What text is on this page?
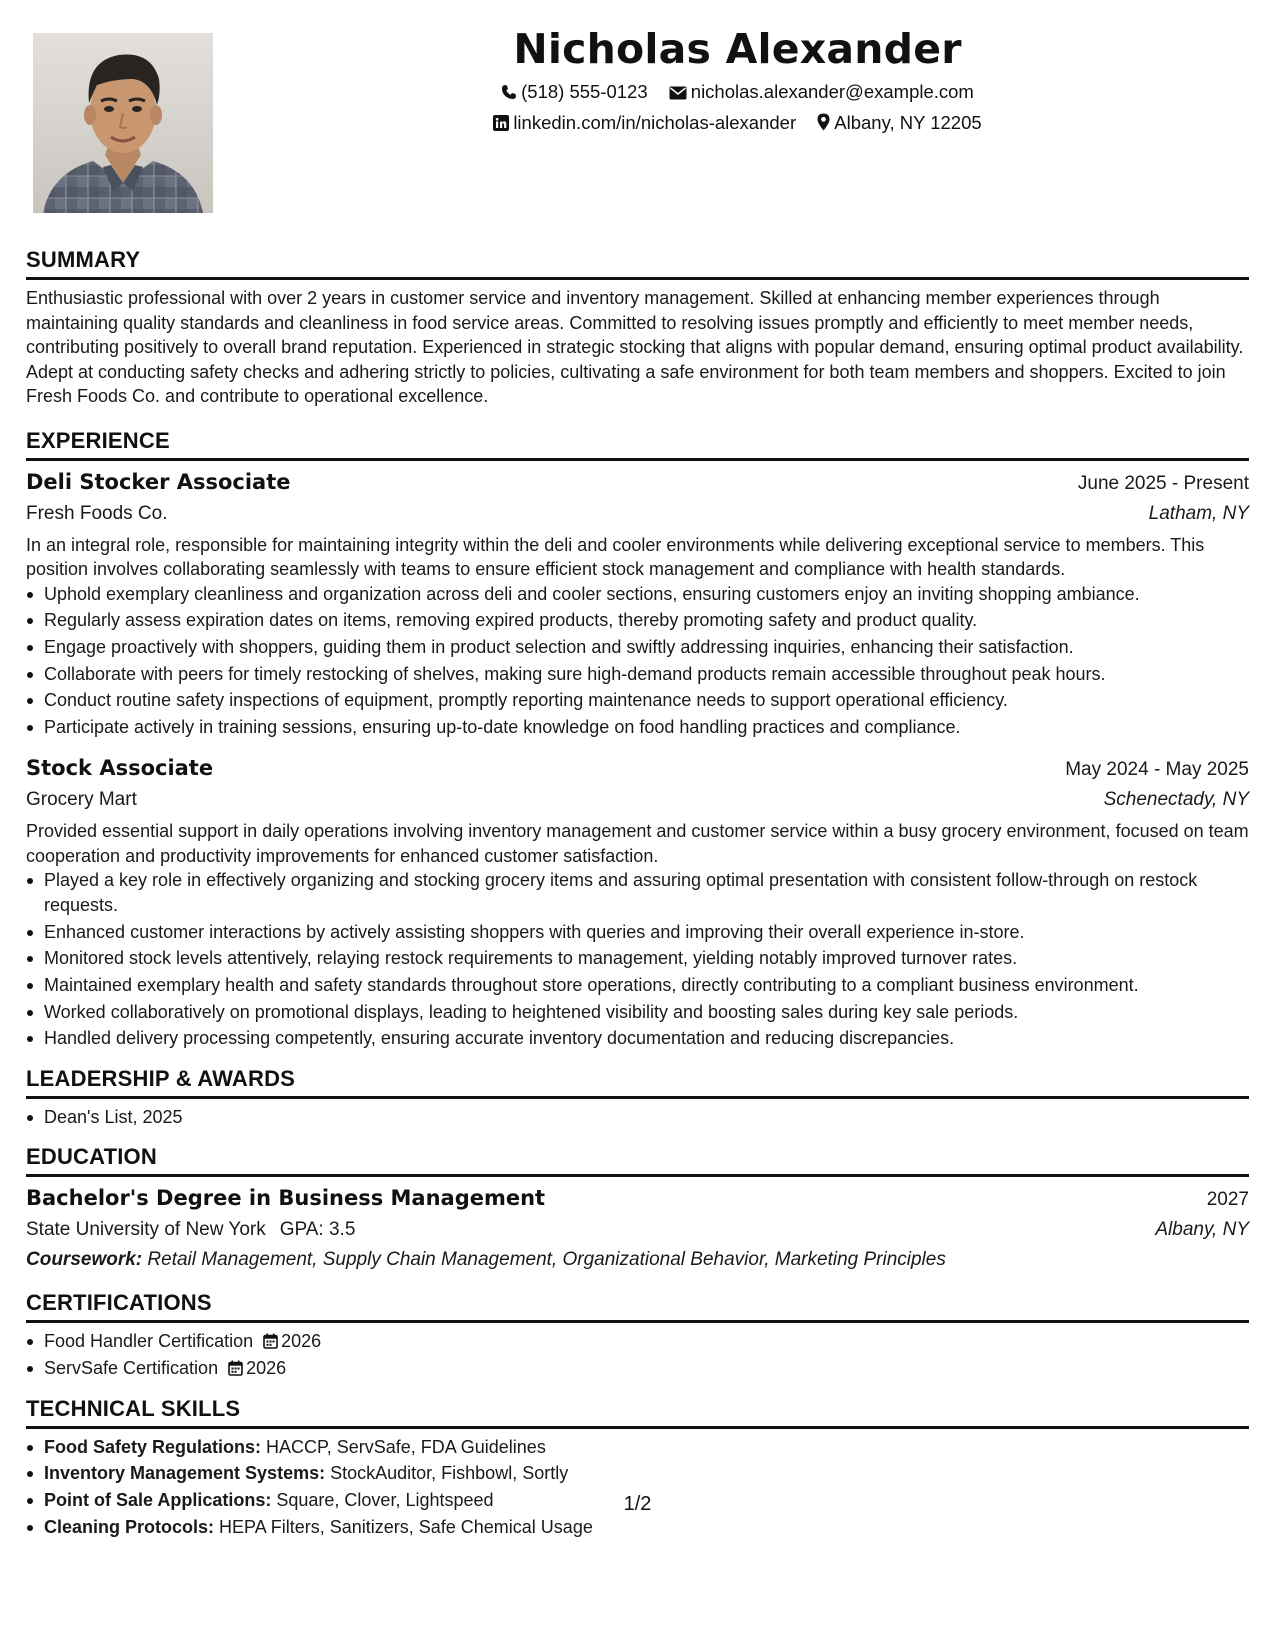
Nicholas Alexander
(518) 555-0123 nicholas.alexander@example.com
linkedin.com/in/nicholas-alexander Albany, NY 12205
SUMMARY
Enthusiastic professional with over 2 years in customer service and inventory management. Skilled at enhancing member experiences through maintaining quality standards and cleanliness in food service areas. Committed to resolving issues promptly and efficiently to meet member needs, contributing positively to overall brand reputation. Experienced in strategic stocking that aligns with popular demand, ensuring optimal product availability. Adept at conducting safety checks and adhering strictly to policies, cultivating a safe environment for both team members and shoppers. Excited to join Fresh Foods Co. and contribute to operational excellence.
EXPERIENCE
Deli Stocker Associate	June 2025 - Present
Fresh Foods Co.	Latham, NY
In an integral role, responsible for maintaining integrity within the deli and cooler environments while delivering exceptional service to members. This position involves collaborating seamlessly with teams to ensure efficient stock management and compliance with health standards.
Uphold exemplary cleanliness and organization across deli and cooler sections, ensuring customers enjoy an inviting shopping ambiance.
Regularly assess expiration dates on items, removing expired products, thereby promoting safety and product quality.
Engage proactively with shoppers, guiding them in product selection and swiftly addressing inquiries, enhancing their satisfaction.
Collaborate with peers for timely restocking of shelves, making sure high-demand products remain accessible throughout peak hours.
Conduct routine safety inspections of equipment, promptly reporting maintenance needs to support operational efficiency.
Participate actively in training sessions, ensuring up-to-date knowledge on food handling practices and compliance.
Stock Associate	May 2024 - May 2025
Grocery Mart	Schenectady, NY
Provided essential support in daily operations involving inventory management and customer service within a busy grocery environment, focused on team cooperation and productivity improvements for enhanced customer satisfaction.
Played a key role in effectively organizing and stocking grocery items and assuring optimal presentation with consistent follow-through on restock requests.
Enhanced customer interactions by actively assisting shoppers with queries and improving their overall experience in-store.
Monitored stock levels attentively, relaying restock requirements to management, yielding notably improved turnover rates.
Maintained exemplary health and safety standards throughout store operations, directly contributing to a compliant business environment.
Worked collaboratively on promotional displays, leading to heightened visibility and boosting sales during key sale periods.
Handled delivery processing competently, ensuring accurate inventory documentation and reducing discrepancies.
LEADERSHIP & AWARDS
Dean's List, 2025
EDUCATION
Bachelor's Degree in Business Management	2027
State University of New York GPA: 3.5	Albany, NY
Coursework: Retail Management, Supply Chain Management, Organizational Behavior, Marketing Principles
CERTIFICATIONS
Food Handler Certification 2026
ServSafe Certification 2026
TECHNICAL SKILLS
Food Safety Regulations: HACCP, ServSafe, FDA Guidelines
Inventory Management Systems: StockAuditor, Fishbowl, Sortly
Point of Sale Applications: Square, Clover, Lightspeed
Cleaning Protocols: HEPA Filters, Sanitizers, Safe Chemical Usage
1/2
